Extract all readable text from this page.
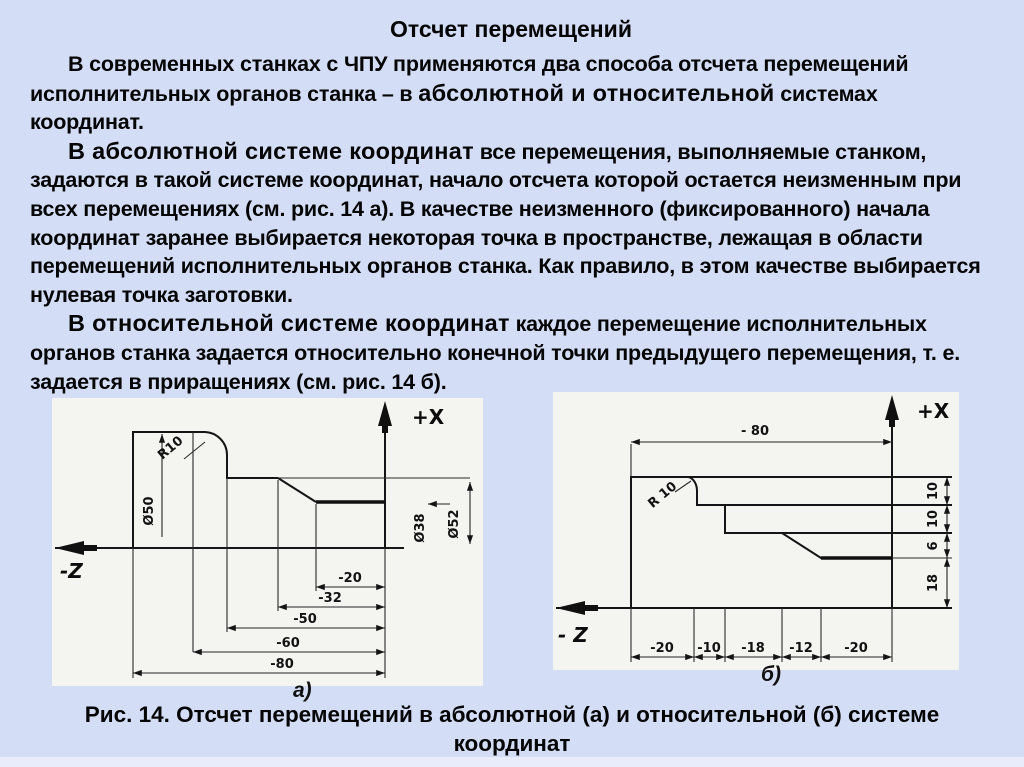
Отсчет перемещений

В современных станках с ЧПУ применяются два способа отсчета перемещений исполнительных органов станка – в абсолютной и относительной системах координат.

В абсолютной системе координат все перемещения, выполняемые станком, задаются в такой системе координат, начало отсчета которой остается неизменным при всех перемещениях (см. рис. 14 а). В качестве неизменного (фиксированного) начала координат заранее выбирается некоторая точка в пространстве, лежащая в области перемещений исполнительных органов станка. Как правило, в этом качестве выбирается нулевая точка заготовки.

В относительной системе координат каждое перемещение исполнительных органов станка задается относительно конечной точки предыдущего перемещения, т. е. задается в приращениях (см. рис. 14 б).

+X
-Z	-20
-32
-50
-60
-80
Ø50
R10
Ø38 Ø52
+X
- Z
- 80
R 10	10
10
6
18
-20 -10 -18 -12 -20
а)
б)
Рис. 14. Отсчет перемещений в абсолютной (а) и относительной (б) системе координат
